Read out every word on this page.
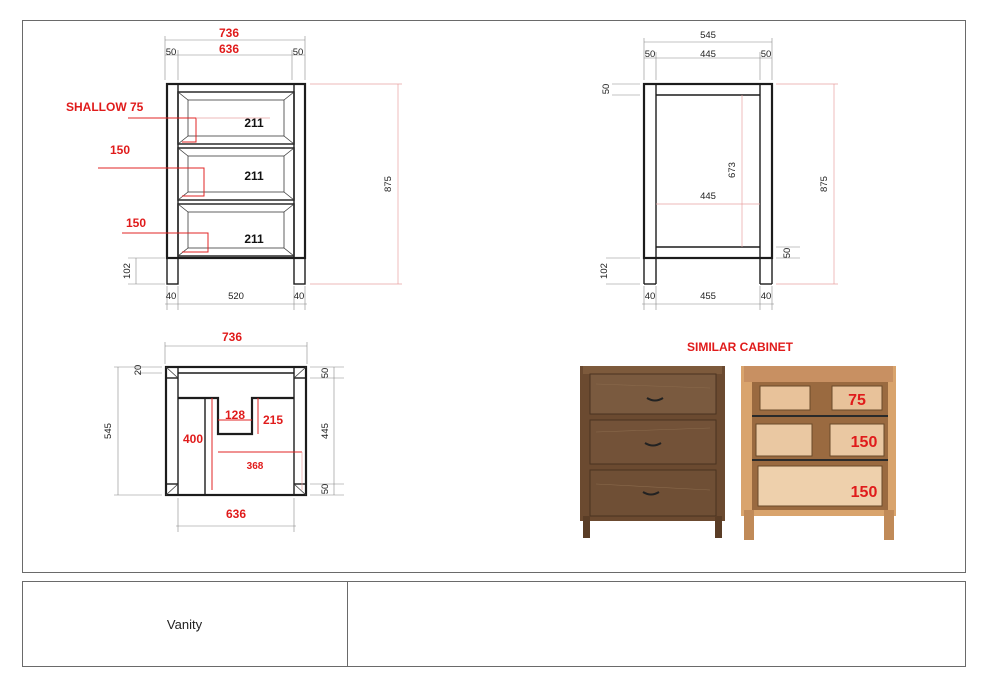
Vanity
736
636
50	50
211
211
211
SHALLOW 75
150
150
875
102
40	520	40
545
50	445	50
673
445
50
875
50
102
40	455	40
736
128 215
400
368
545
20	50
445
50
636
SIMILAR CABINET
75
150
150
